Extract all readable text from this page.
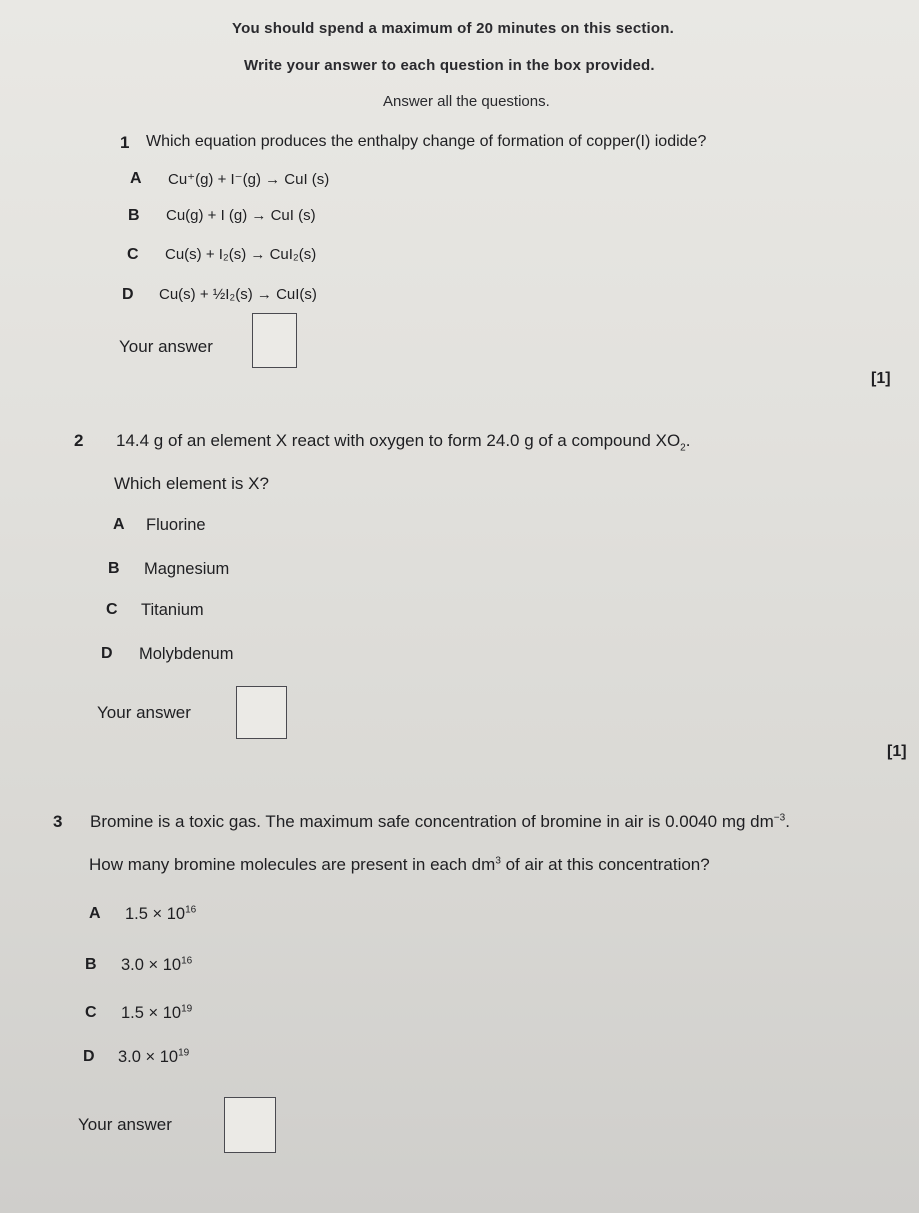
You should spend a maximum of 20 minutes on this section.
Write your answer to each question in the box provided.
Answer all the questions.
1 Which equation produces the enthalpy change of formation of copper(I) iodide?
A Cu⁺(g) + I⁻(g) → CuI (s)
B Cu(g) + I (g) → CuI (s)
C Cu(s) + I₂(s) → CuI₂(s)
D Cu(s) + ½I₂(s) → CuI(s)
Your answer
[1]
2 14.4 g of an element X react with oxygen to form 24.0 g of a compound $XO_2$.
Which element is X?
A Fluorine
B Magnesium
C Titanium
D Molybdenum
Your answer
[1]
3 Bromine is a toxic gas. The maximum safe concentration of bromine in air is 0.0040 mg $dm^{-3}$.
How many bromine molecules are present in each $dm^3$ of air at this concentration?
A $1.5 \times 10^{16}$
B $3.0 \times 10^{16}$
C $1.5 \times 10^{19}$
D $3.0 \times 10^{19}$
Your answer
